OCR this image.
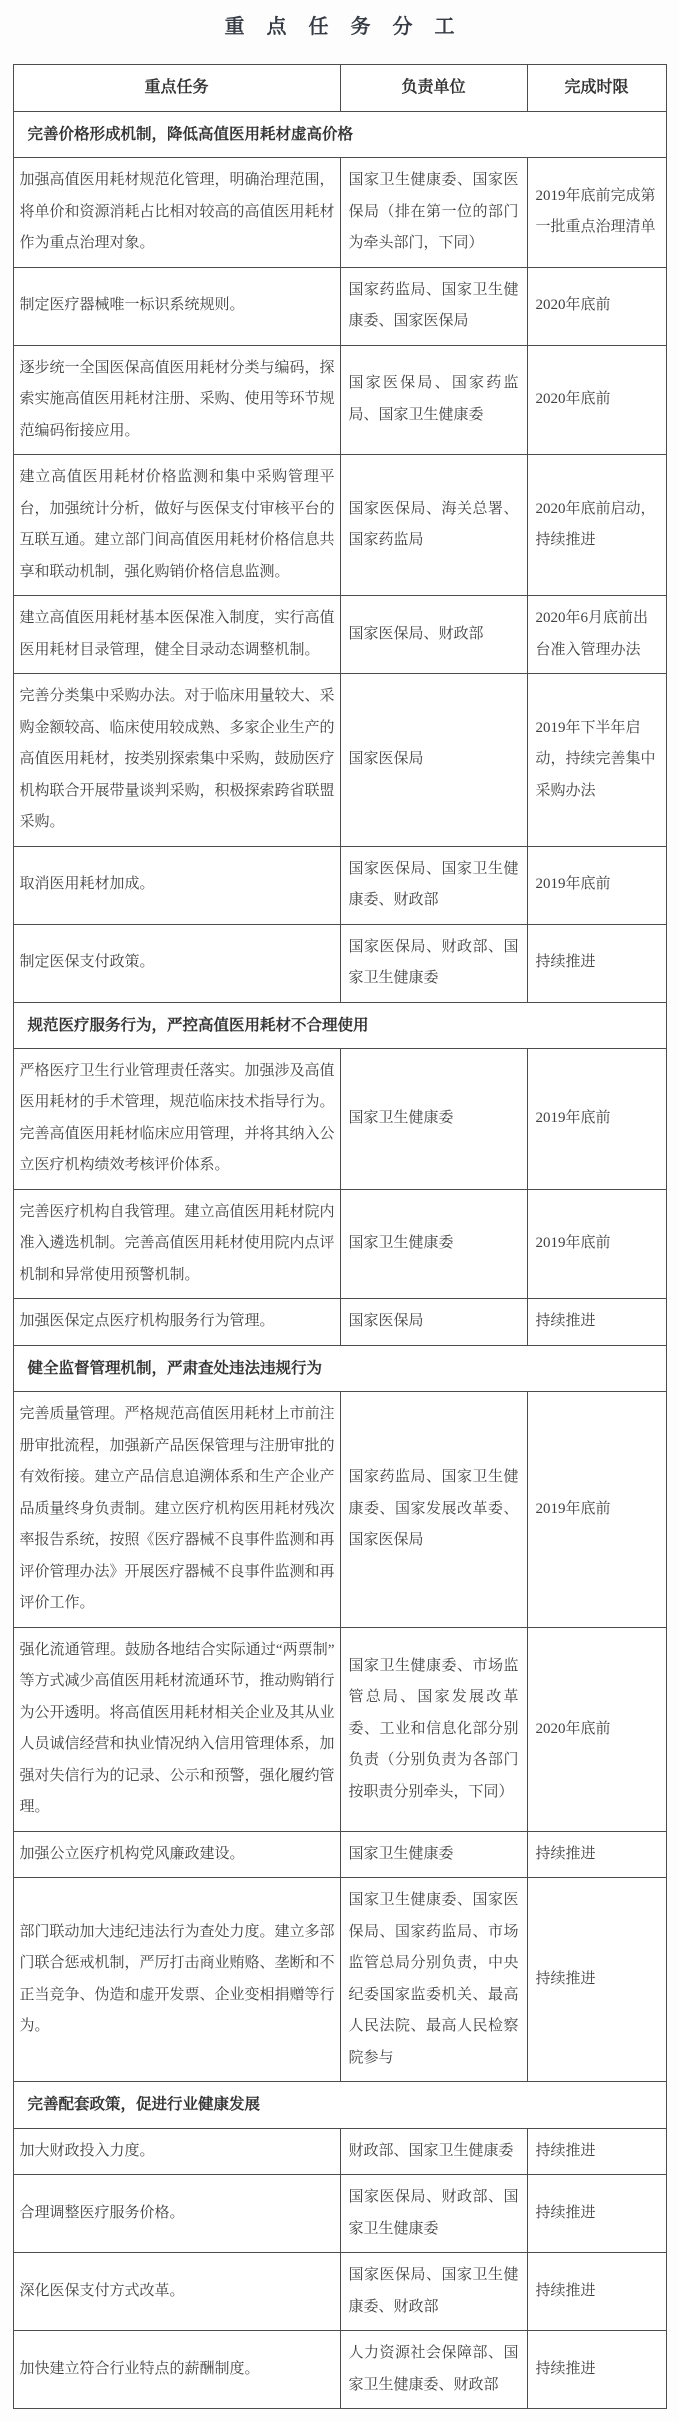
重点任务分工
重点任务	负责单位	完成时限
完善价格形成机制，降低高值医用耗材虚高价格		
加强高值医用耗材规范化管理，明确治理范围，将单价和资源消耗占比相对较高的高值医用耗材作为重点治理对象。	国家卫生健康委、国家医保局（排在第一位的部门为牵头部门，下同）	2019年底前完成第一批重点治理清单
制定医疗器械唯一标识系统规则。	国家药监局、国家卫生健康委、国家医保局	2020年底前
逐步统一全国医保高值医用耗材分类与编码，探索实施高值医用耗材注册、采购、使用等环节规范编码衔接应用。	国家医保局、国家药监局、国家卫生健康委	2020年底前
建立高值医用耗材价格监测和集中采购管理平台，加强统计分析，做好与医保支付审核平台的互联互通。建立部门间高值医用耗材价格信息共享和联动机制，强化购销价格信息监测。	国家医保局、海关总署、国家药监局	2020年底前启动，持续推进
建立高值医用耗材基本医保准入制度，实行高值医用耗材目录管理，健全目录动态调整机制。	国家医保局、财政部	2020年6月底前出台准入管理办法
完善分类集中采购办法。对于临床用量较大、采购金额较高、临床使用较成熟、多家企业生产的高值医用耗材，按类别探索集中采购，鼓励医疗机构联合开展带量谈判采购，积极探索跨省联盟采购。	国家医保局	2019年下半年启动，持续完善集中采购办法
取消医用耗材加成。	国家医保局、国家卫生健康委、财政部	2019年底前
制定医保支付政策。	国家医保局、财政部、国家卫生健康委	持续推进
规范医疗服务行为，严控高值医用耗材不合理使用		
严格医疗卫生行业管理责任落实。加强涉及高值医用耗材的手术管理，规范临床技术指导行为。完善高值医用耗材临床应用管理，并将其纳入公立医疗机构绩效考核评价体系。	国家卫生健康委	2019年底前
完善医疗机构自我管理。建立高值医用耗材院内准入遴选机制。完善高值医用耗材使用院内点评机制和异常使用预警机制。	国家卫生健康委	2019年底前
加强医保定点医疗机构服务行为管理。	国家医保局	持续推进
健全监督管理机制，严肃查处违法违规行为		
完善质量管理。严格规范高值医用耗材上市前注册审批流程，加强新产品医保管理与注册审批的有效衔接。建立产品信息追溯体系和生产企业产品质量终身负责制。建立医疗机构医用耗材残次率报告系统，按照《医疗器械不良事件监测和再评价管理办法》开展医疗器械不良事件监测和再评价工作。	国家药监局、国家卫生健康委、国家发展改革委、国家医保局	2019年底前
强化流通管理。鼓励各地结合实际通过“两票制”等方式减少高值医用耗材流通环节，推动购销行为公开透明。将高值医用耗材相关企业及其从业人员诚信经营和执业情况纳入信用管理体系，加强对失信行为的记录、公示和预警，强化履约管理。	国家卫生健康委、市场监管总局、国家发展改革委、工业和信息化部分别负责（分别负责为各部门按职责分别牵头，下同）	2020年底前
加强公立医疗机构党风廉政建设。	国家卫生健康委	持续推进
部门联动加大违纪违法行为查处力度。建立多部门联合惩戒机制，严厉打击商业贿赂、垄断和不正当竞争、伪造和虚开发票、企业变相捐赠等行为。	国家卫生健康委、国家医保局、国家药监局、市场监管总局分别负责，中央纪委国家监委机关、最高人民法院、最高人民检察院参与	持续推进
完善配套政策，促进行业健康发展		
加大财政投入力度。	财政部、国家卫生健康委	持续推进
合理调整医疗服务价格。	国家医保局、财政部、国家卫生健康委	持续推进
深化医保支付方式改革。	国家医保局、国家卫生健康委、财政部	持续推进
加快建立符合行业特点的薪酬制度。	人力资源社会保障部、国家卫生健康委、财政部	持续推进
